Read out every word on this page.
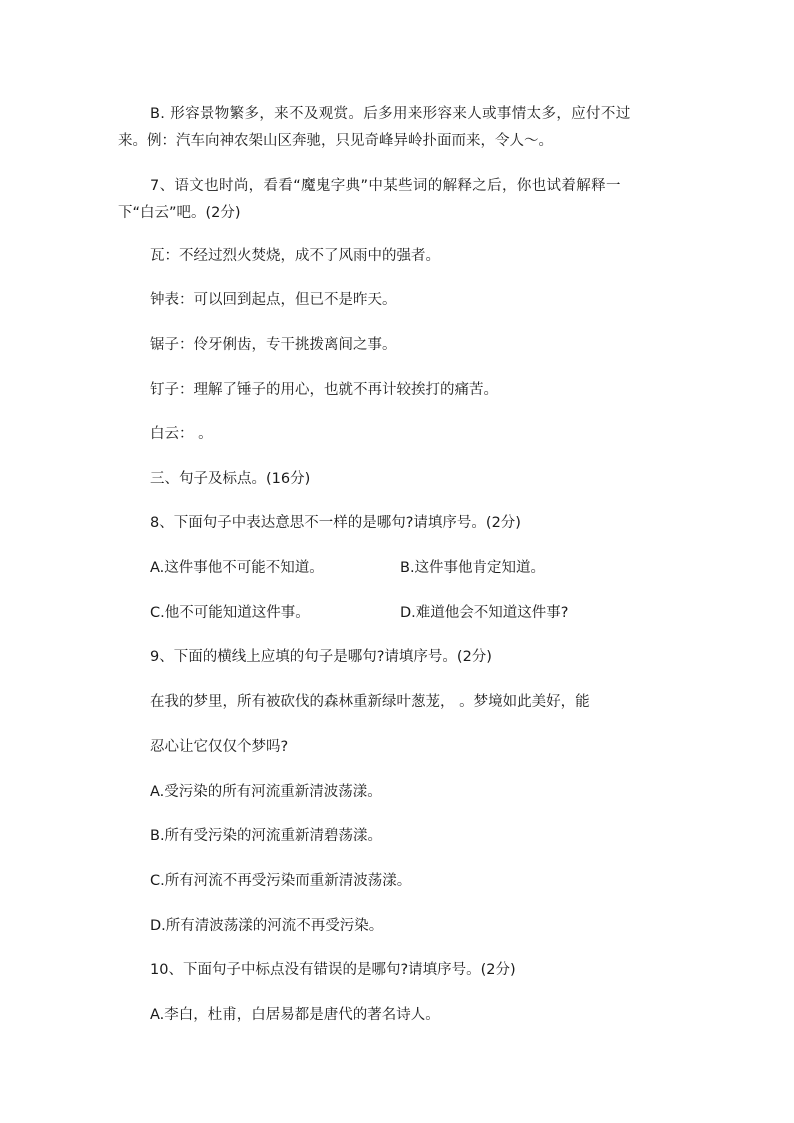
B. 形容景物繁多，来不及观赏。后多用来形容来人或事情太多，应付不过
来。例：汽车向神农架山区奔驰，只见奇峰异岭扑面而来，令人～。
7、语文也时尚，看看“魔鬼字典”中某些词的解释之后，你也试着解释一
下“白云”吧。(2分)
瓦：不经过烈火焚烧，成不了风雨中的强者。
钟表：可以回到起点，但已不是昨天。
锯子：伶牙俐齿，专干挑拨离间之事。
钉子：理解了锤子的用心，也就不再计较挨打的痛苦。
白云： 。
三、句子及标点。(16分)
8、下面句子中表达意思不一样的是哪句?请填序号。(2分)
A.这件事他不可能不知道。	B.这件事他肯定知道。
C.他不可能知道这件事。	D.难道他会不知道这件事?
9、下面的横线上应填的句子是哪句?请填序号。(2分)
在我的梦里，所有被砍伐的森林重新绿叶葱茏， 。梦境如此美好，能
忍心让它仅仅个梦吗?
A.受污染的所有河流重新清波荡漾。
B.所有受污染的河流重新清碧荡漾。
C.所有河流不再受污染而重新清波荡漾。
D.所有清波荡漾的河流不再受污染。
10、下面句子中标点没有错误的是哪句?请填序号。(2分)
A.李白，杜甫，白居易都是唐代的著名诗人。
